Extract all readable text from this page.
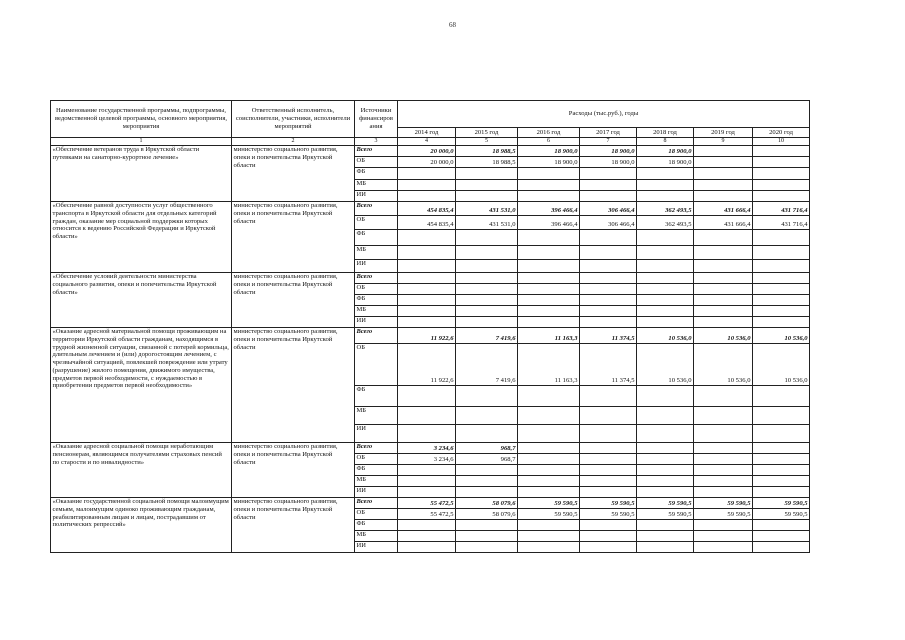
68
Наименование государственной программы, подпрограммы, ведомственной целевой программы, основного мероприятия, мероприятия	Ответственный исполнитель, соисполнители, участники, исполнители мероприятий	Источники финансиров ания	Расходы (тыс.руб.), годы						
			2014 год	2015 год	2016 год	2017 год	2018 год	2019 год	2020 год
1	2	3	4	5	6	7	8	9	10
«Обеспечение ветеранов труда в Иркутской области путевками на санаторно-курортное лечение»	министерство социального развития, опеки и попечительства Иркутской области	Всего	20 000,0	18 988,5	18 900,0	18 900,0	18 900,0		
		ОБ	20 000,0	18 988,5	18 900,0	18 900,0	18 900,0		
		ФБ							
		МБ							
		ИИ							
«Обеспечение равной доступности услуг общественного транспорта в Иркутской области для отдельных категорий граждан, оказание мер социальной поддержки которых относится к ведению Российской Федерации и Иркутской области»	министерство социального развития, опеки и попечительства Иркутской области	Всего	454 835,4	431 531,0	396 466,4	306 466,4	362 493,5	431 666,4	431 716,4
		ОБ	454 835,4	431 531,0	396 466,4	306 466,4	362 493,5	431 666,4	431 716,4
		ФБ							
		МБ							
		ИИ							
«Обеспечение условий деятельности министерства социального развития, опеки и попечительства Иркутской области»	министерство социального развития, опеки и попечительства Иркутской области	Всего							
		ОБ							
		ФБ							
		МБ							
		ИИ							
«Оказание адресной материальной помощи проживающим на территории Иркутской области гражданам, находящимся в трудной жизненной ситуации, связанной с потерей кормильца, длительным лечением и (или) дорогостоящим лечением, с чрезвычайной ситуацией, повлекшей повреждение или утрату (разрушение) жилого помещения, движимого имущества, предметов первой необходимости, с нуждаемостью в приобретении предметов первой необходимости»	министерство социального развития, опеки и попечительства Иркутской области	Всего	11 922,6	7 419,6	11 163,3	11 374,5	10 536,0	10 536,0	10 536,0
		ОБ	11 922,6	7 419,6	11 163,3	11 374,5	10 536,0	10 536,0	10 536,0
		ФБ							
		МБ							
		ИИ							
«Оказание адресной социальной помощи неработающим пенсионерам, являющимся получателями страховых пенсий по старости и по инвалидности»	министерство социального развития, опеки и попечительства Иркутской области	Всего	3 234,6	968,7					
		ОБ	3 234,6	968,7					
		ФБ							
		МБ							
		ИИ							
«Оказание государственной социальной помощи малоимущим семьям, малоимущим одиноко проживающим гражданам, реабилитированным лицам и лицам, пострадавшим от политических репрессий»	министерство социального развития, опеки и попечительства Иркутской области	Всего	55 472,5	58 079,6	59 590,5	59 590,5	59 590,5	59 590,5	59 590,5
		ОБ	55 472,5	58 079,6	59 590,5	59 590,5	59 590,5	59 590,5	59 590,5
		ФБ							
		МБ							
		ИИ							
